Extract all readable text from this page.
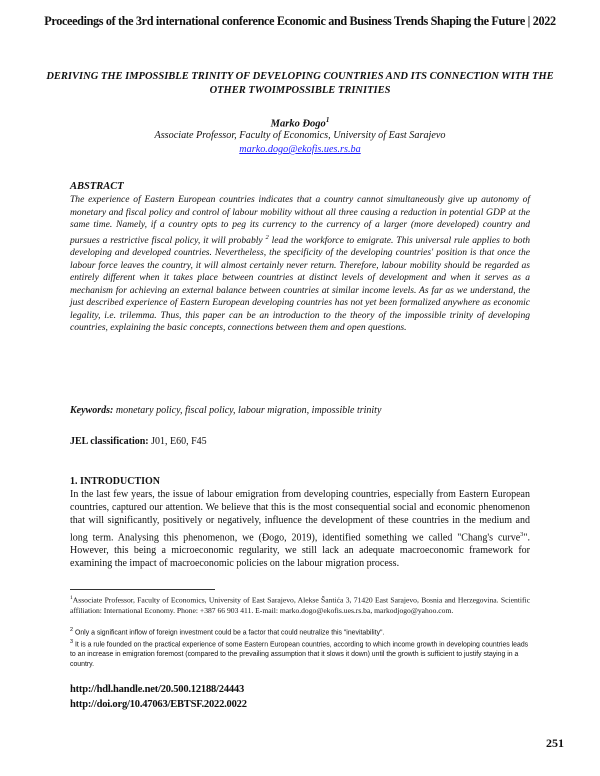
Proceedings of the 3rd international conference Economic and Business Trends Shaping the Future | 2022
DERIVING THE IMPOSSIBLE TRINITY OF DEVELOPING COUNTRIES AND ITS CONNECTION WITH THE OTHER TWOIMPOSSIBLE TRINITIES
Marko Đogo$^1$
Associate Professor, Faculty of Economics, University of East Sarajevo
marko.dogo@ekofis.ues.rs.ba
ABSTRACT
The experience of Eastern European countries indicates that a country cannot simultaneously give up autonomy of monetary and fiscal policy and control of labour mobility without all three causing a reduction in potential GDP at the same time. Namely, if a country opts to peg its currency to the currency of a larger (more developed) country and pursues a restrictive fiscal policy, it will probably $^2$ lead the workforce to emigrate. This universal rule applies to both developing and developed countries. Nevertheless, the specificity of the developing countries' position is that once the labour force leaves the country, it will almost certainly never return. Therefore, labour mobility should be regarded as entirely different when it takes place between countries at distinct levels of development and when it serves as a mechanism for achieving an external balance between countries at similar income levels. As far as we understand, the just described experience of Eastern European developing countries has not yet been formalized anywhere as economic legality, i.e. trilemma. Thus, this paper can be an introduction to the theory of the impossible trinity of developing countries, explaining the basic concepts, connections between them and open questions.
Keywords: monetary policy, fiscal policy, labour migration, impossible trinity
JEL classification: J01, E60, F45
1. INTRODUCTION
In the last few years, the issue of labour emigration from developing countries, especially from Eastern European countries, captured our attention. We believe that this is the most consequential social and economic phenomenon that will significantly, positively or negatively, influence the development of these countries in the medium and long term. Analysing this phenomenon, we (Đogo, 2019), identified something we called "Chang's curve$^3$". However, this being a microeconomic regularity, we still lack an adequate macroeconomic framework for examining the impact of macroeconomic policies on the labour migration process.
$^1$Associate Professor, Faculty of Economics, University of East Sarajevo, Alekse Šantića 3, 71420 East Sarajevo, Bosnia and Herzegovina. Scientific affiliation: International Economy. Phone: +387 66 903 411. E-mail: marko.dogo@ekofis.ues.rs.ba, markodjogo@yahoo.com.
$^2$ Only a significant inflow of foreign investment could be a factor that could neutralize this "inevitability".
$^3$ It is a rule founded on the practical experience of some Eastern European countries, according to which income growth in developing countries leads to an increase in emigration foremost (compared to the prevailing assumption that it slows it down) until the growth is sufficient to justify staying in a country.
http://hdl.handle.net/20.500.12188/24443
http://doi.org/10.47063/EBTSF.2022.0022
251
